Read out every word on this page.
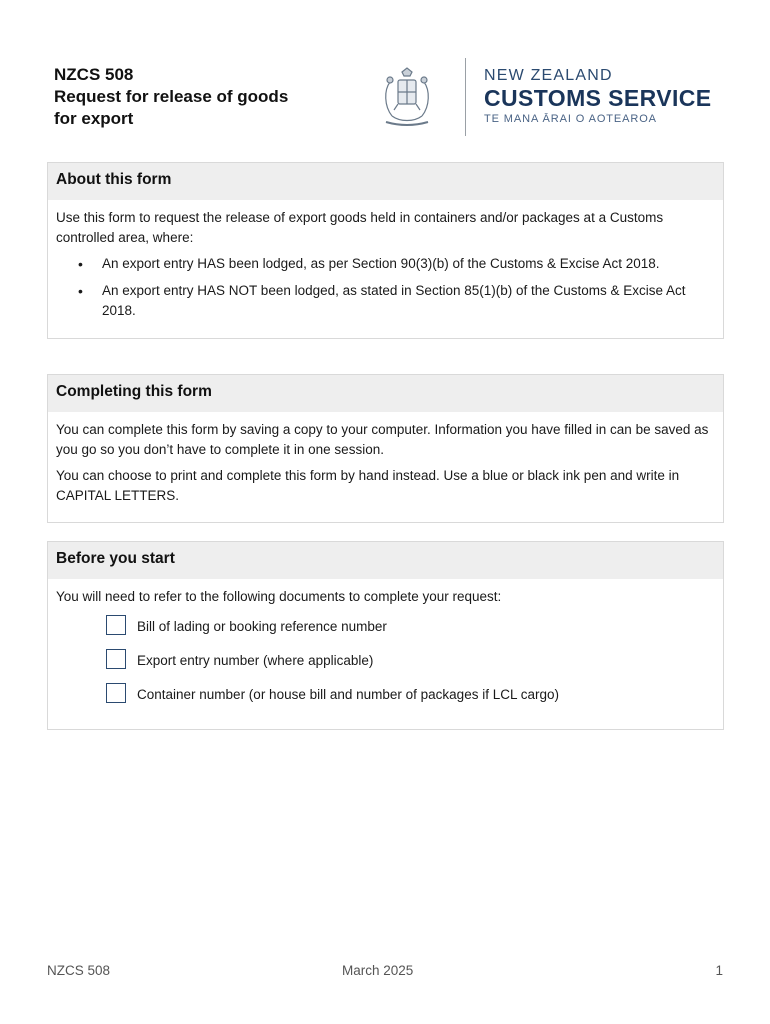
NZCS 508
Request for release of goods
for export
NEW ZEALAND
CUSTOMS SERVICE
TE MANA ĀRAI O AOTEAROA
About this form

Use this form to request the release of export goods held in containers and/or packages at a Customs controlled area, where:

• An export entry HAS been lodged, as per Section 90(3)(b) of the Customs & Excise Act 2018.
• An export entry HAS NOT been lodged, as stated in Section 85(1)(b) of the Customs & Excise Act 2018.
Completing this form

You can complete this form by saving a copy to your computer. Information you have filled in can be saved as you go so you don’t have to complete it in one session.

You can choose to print and complete this form by hand instead. Use a blue or black ink pen and write in CAPITAL LETTERS.

Before you start

You will need to refer to the following documents to complete your request:

Bill of lading or booking reference number
Export entry number (where applicable)
Container number (or house bill and number of packages if LCL cargo)
NZCS 508	March 2025	1
